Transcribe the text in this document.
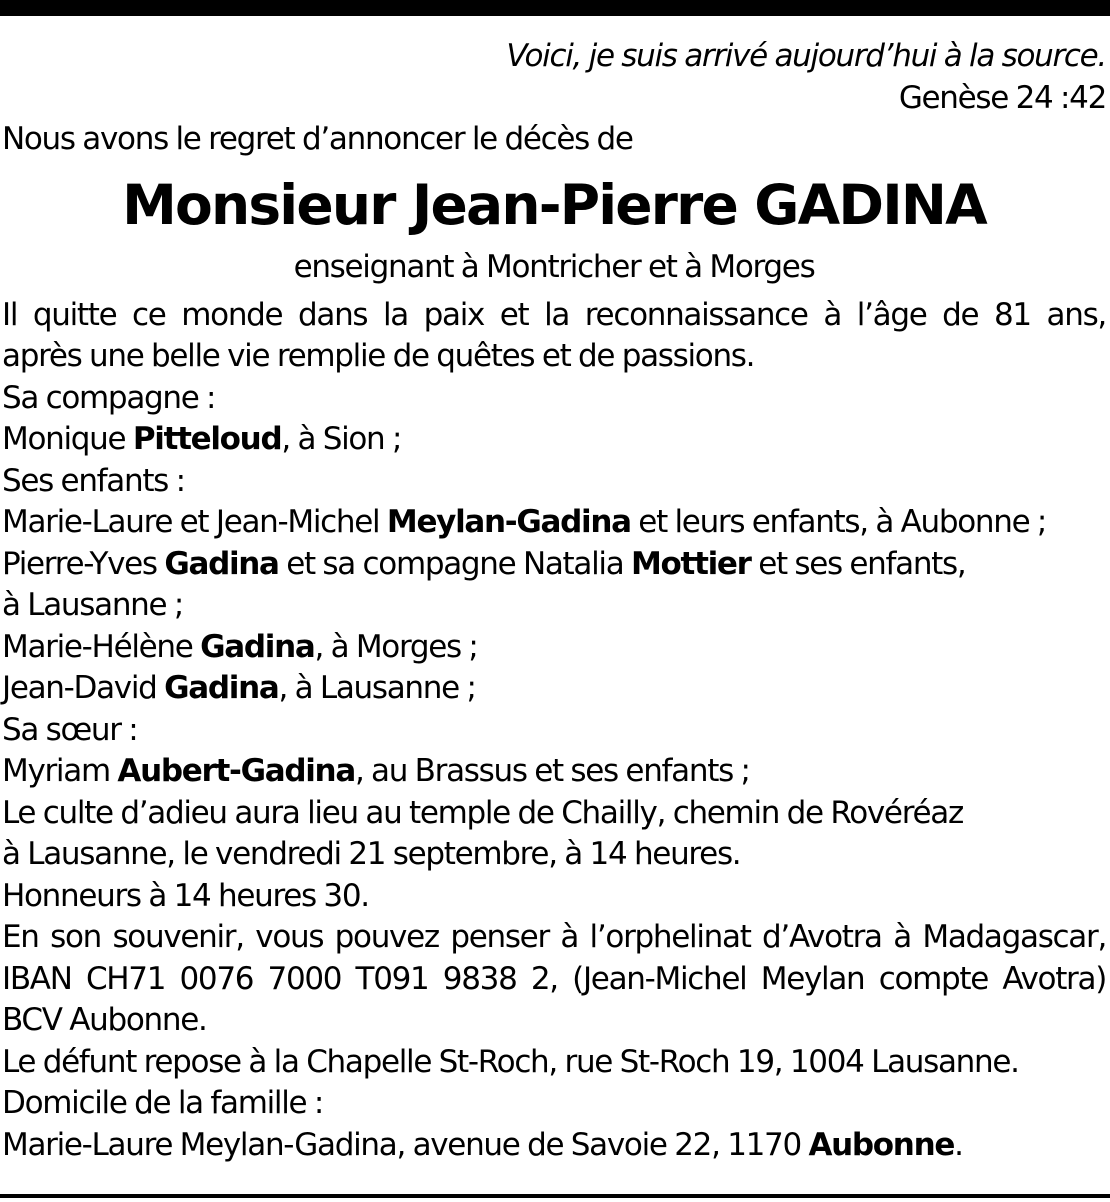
Voici, je suis arrivé aujourd’hui à la source.

Genèse 24 :42

Nous avons le regret d’annoncer le décès de

Monsieur Jean-Pierre GADINA

enseignant à Montricher et à Morges

Il quitte ce monde dans la paix et la reconnaissance à l’âge de 81 ans,

après une belle vie remplie de quêtes et de passions.

Sa compagne :

Monique Pitteloud, à Sion ;

Ses enfants :

Marie-Laure et Jean-Michel Meylan-Gadina et leurs enfants, à Aubonne ;

Pierre-Yves Gadina et sa compagne Natalia Mottier et ses enfants,

à Lausanne ;

Marie-Hélène Gadina, à Morges ;

Jean-David Gadina, à Lausanne ;

Sa sœur :

Myriam Aubert-Gadina, au Brassus et ses enfants ;

Le culte d’adieu aura lieu au temple de Chailly, chemin de Rovéréaz

à Lausanne, le vendredi 21 septembre, à 14 heures.

Honneurs à 14 heures 30.

En son souvenir, vous pouvez penser à l’orphelinat d’Avotra à Madagascar,

IBAN CH71 0076 7000 T091 9838 2, (Jean-Michel Meylan compte Avotra)

BCV Aubonne.

Le défunt repose à la Chapelle St-Roch, rue St-Roch 19, 1004 Lausanne.

Domicile de la famille :

Marie-Laure Meylan-Gadina, avenue de Savoie 22, 1170 Aubonne.
